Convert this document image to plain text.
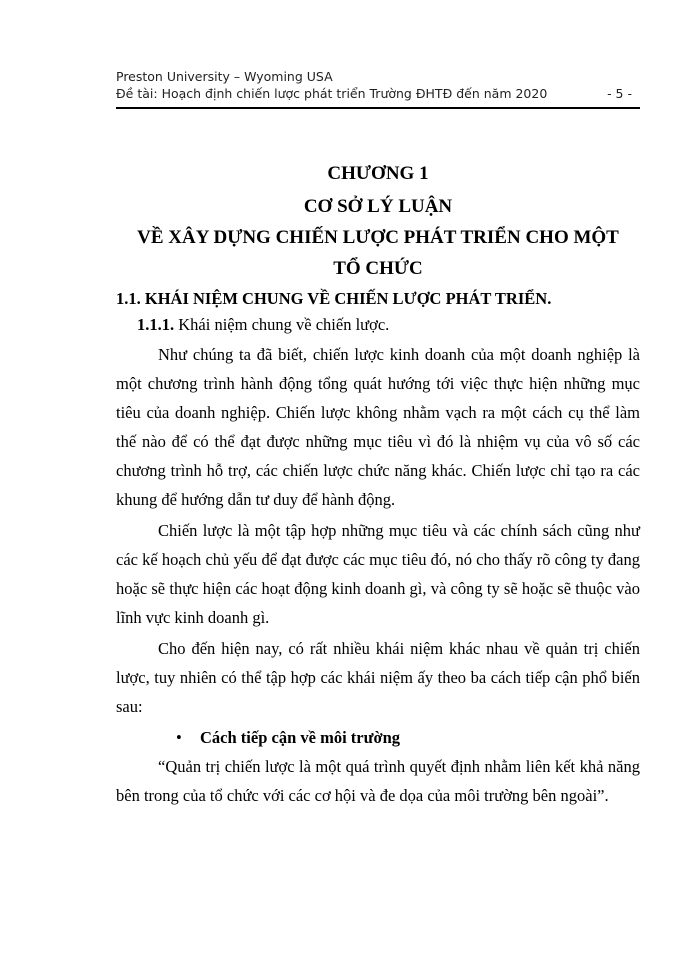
Preston University – Wyoming USA
Đề tài: Hoạch định chiến lược phát triển Trường ĐHTĐ đến năm 2020	- 5 -
CHƯƠNG 1
CƠ SỞ LÝ LUẬN
VỀ XÂY DỰNG CHIẾN LƯỢC PHÁT TRIỂN CHO MỘT
TỔ CHỨC
1.1. KHÁI NIỆM CHUNG VỀ CHIẾN LƯỢC PHÁT TRIỂN.
1.1.1. Khái niệm chung về chiến lược.

Như chúng ta đã biết, chiến lược kinh doanh của một doanh nghiệp là một chương trình hành động tổng quát hướng tới việc thực hiện những mục tiêu của doanh nghiệp. Chiến lược không nhằm vạch ra một cách cụ thể làm thế nào để có thể đạt được những mục tiêu vì đó là nhiệm vụ của vô số các chương trình hỗ trợ, các chiến lược chức năng khác. Chiến lược chỉ tạo ra các khung để hướng dẫn tư duy để hành động.

Chiến lược là một tập hợp những mục tiêu và các chính sách cũng như các kế hoạch chủ yếu để đạt được các mục tiêu đó, nó cho thấy rõ công ty đang hoặc sẽ thực hiện các hoạt động kinh doanh gì, và công ty sẽ hoặc sẽ thuộc vào lĩnh vực kinh doanh gì.

Cho đến hiện nay, có rất nhiều khái niệm khác nhau về quản trị chiến lược, tuy nhiên có thể tập hợp các khái niệm ấy theo ba cách tiếp cận phổ biến sau:

• Cách tiếp cận về môi trường

“Quản trị chiến lược là một quá trình quyết định nhằm liên kết khả năng bên trong của tổ chức với các cơ hội và đe dọa của môi trường bên ngoài”.
